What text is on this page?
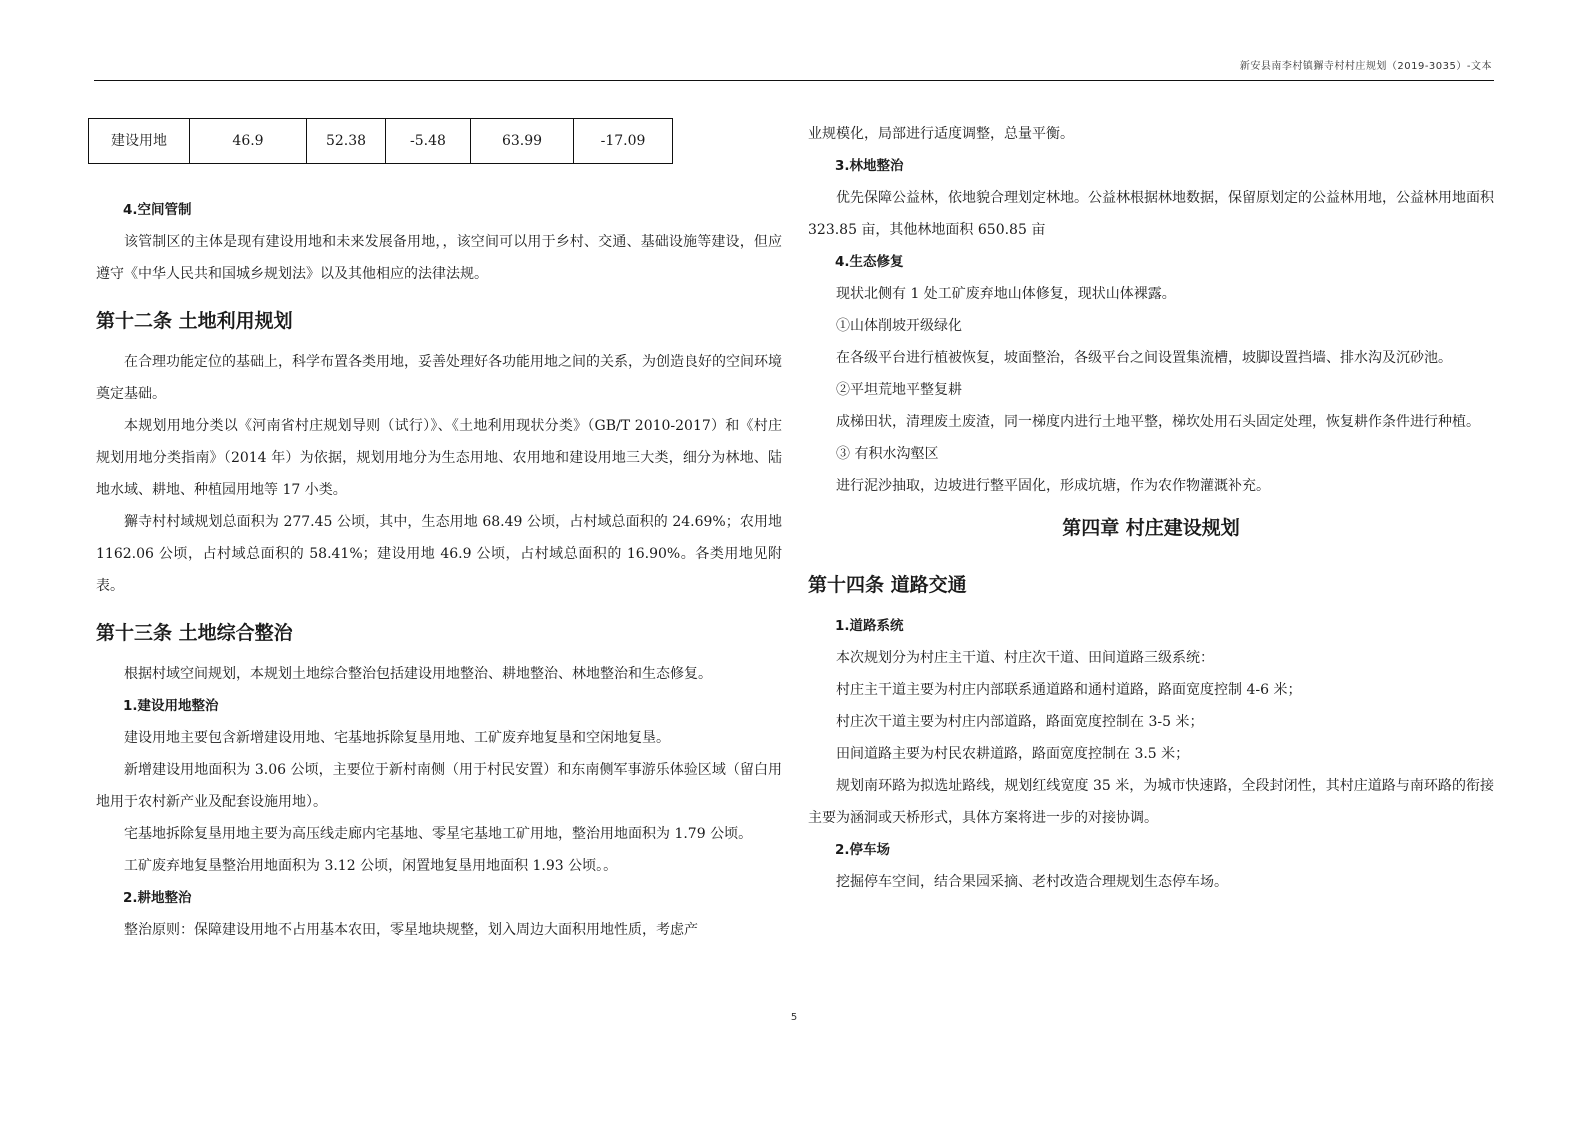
新安县南李村镇獬寺村村庄规划（2019-3035）-文本
建设用地	46.9	52.38	-5.48	63.99	-17.09

4.空间管制

该管制区的主体是现有建设用地和未来发展备用地，，该空间可以用于乡村、交通、基础设施等建设，但应遵守《中华人民共和国城乡规划法》以及其他相应的法律法规。

第十二条 土地利用规划

在合理功能定位的基础上，科学布置各类用地，妥善处理好各功能用地之间的关系，为创造良好的空间环境奠定基础。

本规划用地分类以《河南省村庄规划导则（试行）》、《土地利用现状分类》（GB/T 2010-2017）和《村庄规划用地分类指南》（2014 年）为依据，规划用地分为生态用地、农用地和建设用地三大类，细分为林地、陆地水域、耕地、种植园用地等 17 小类。

獬寺村村域规划总面积为 277.45 公顷，其中，生态用地 68.49 公顷，占村域总面积的 24.69%；农用地 1162.06 公顷，占村域总面积的 58.41%；建设用地 46.9 公顷，占村域总面积的 16.90%。各类用地见附表。

第十三条 土地综合整治

根据村域空间规划，本规划土地综合整治包括建设用地整治、耕地整治、林地整治和生态修复。

1.建设用地整治

建设用地主要包含新增建设用地、宅基地拆除复垦用地、工矿废弃地复垦和空闲地复垦。

新增建设用地面积为 3.06 公顷，主要位于新村南侧（用于村民安置）和东南侧军事游乐体验区域（留白用地用于农村新产业及配套设施用地）。

宅基地拆除复垦用地主要为高压线走廊内宅基地、零星宅基地工矿用地，整治用地面积为 1.79 公顷。

工矿废弃地复垦整治用地面积为 3.12 公顷，闲置地复垦用地面积 1.93 公顷。。

2.耕地整治

整治原则：保障建设用地不占用基本农田，零星地块规整，划入周边大面积用地性质，考虑产

业规模化，局部进行适度调整，总量平衡。

3.林地整治

优先保障公益林，依地貌合理划定林地。公益林根据林地数据，保留原划定的公益林用地，公益林用地面积 323.85 亩，其他林地面积 650.85 亩

4.生态修复

现状北侧有 1 处工矿废弃地山体修复，现状山体裸露。

①山体削坡开级绿化

在各级平台进行植被恢复，坡面整治，各级平台之间设置集流槽，坡脚设置挡墙、排水沟及沉砂池。

②平坦荒地平整复耕

成梯田状，清理废土废渣，同一梯度内进行土地平整，梯坎处用石头固定处理，恢复耕作条件进行种植。

③ 有积水沟壑区

进行泥沙抽取，边坡进行整平固化，形成坑塘，作为农作物灌溉补充。

第四章 村庄建设规划
第十四条 道路交通

1.道路系统

本次规划分为村庄主干道、村庄次干道、田间道路三级系统：

村庄主干道主要为村庄内部联系通道路和通村道路，路面宽度控制 4-6 米；

村庄次干道主要为村庄内部道路，路面宽度控制在 3-5 米；

田间道路主要为村民农耕道路，路面宽度控制在 3.5 米；

规划南环路为拟选址路线，规划红线宽度 35 米，为城市快速路，全段封闭性，其村庄道路与南环路的衔接主要为涵洞或天桥形式，具体方案将进一步的对接协调。

2.停车场

挖掘停车空间，结合果园采摘、老村改造合理规划生态停车场。

5
